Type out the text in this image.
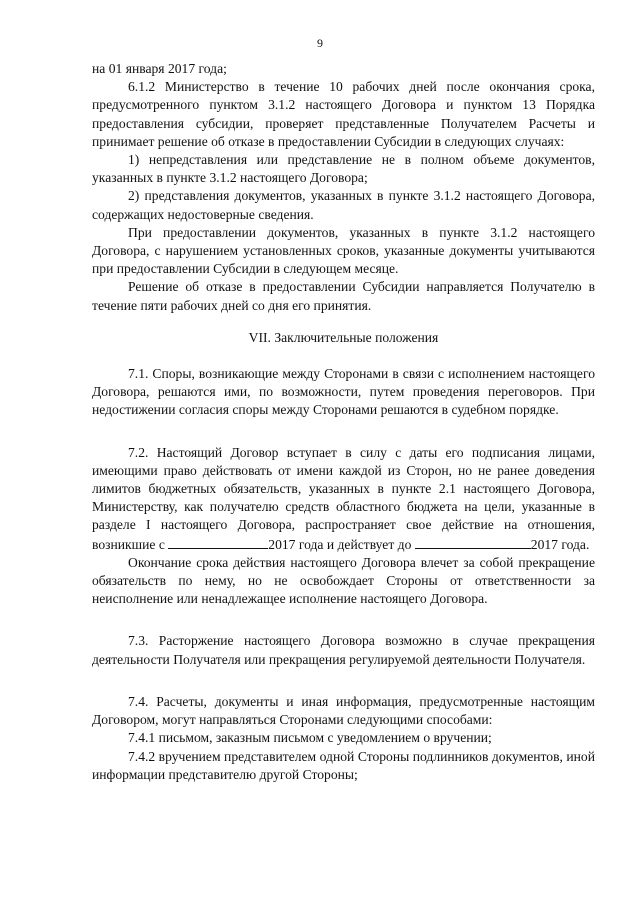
9

на 01 января 2017 года;

6.1.2 Министерство в течение 10 рабочих дней после окончания срока, предусмотренного пунктом 3.1.2 настоящего Договора и пунктом 13 Порядка предоставления субсидии, проверяет представленные Получателем Расчеты и принимает решение об отказе в предоставлении Субсидии в следующих случаях:

1) непредставления или представление не в полном объеме документов, указанных в пункте 3.1.2 настоящего Договора;

2) представления документов, указанных в пункте 3.1.2 настоящего Договора, содержащих недостоверные сведения.

При предоставлении документов, указанных в пункте 3.1.2 настоящего Договора, с нарушением установленных сроков, указанные документы учитываются при предоставлении Субсидии в следующем месяце.

Решение об отказе в предоставлении Субсидии направляется Получателю в течение пяти рабочих дней со дня его принятия.

VII. Заключительные положения

7.1. Споры, возникающие между Сторонами в связи с исполнением настоящего Договора, решаются ими, по возможности, путем проведения переговоров. При недостижении согласия споры между Сторонами решаются в судебном порядке.

7.2. Настоящий Договор вступает в силу с даты его подписания лицами, имеющими право действовать от имени каждой из Сторон, но не ранее доведения лимитов бюджетных обязательств, указанных в пункте 2.1 настоящего Договора, Министерству, как получателю средств областного бюджета на цели, указанные в разделе I настоящего Договора, распространяет свое действие на отношения, возникшие с	2017 года и действует до	2017 года.

Окончание срока действия настоящего Договора влечет за собой прекращение обязательств по нему, но не освобождает Стороны от ответственности за неисполнение или ненадлежащее исполнение настоящего Договора.

7.3. Расторжение настоящего Договора возможно в случае прекращения деятельности Получателя или прекращения регулируемой деятельности Получателя.

7.4. Расчеты, документы и иная информация, предусмотренные настоящим Договором, могут направляться Сторонами следующими способами:

7.4.1 письмом, заказным письмом с уведомлением о вручении;

7.4.2 вручением представителем одной Стороны подлинников документов, иной информации представителю другой Стороны;
